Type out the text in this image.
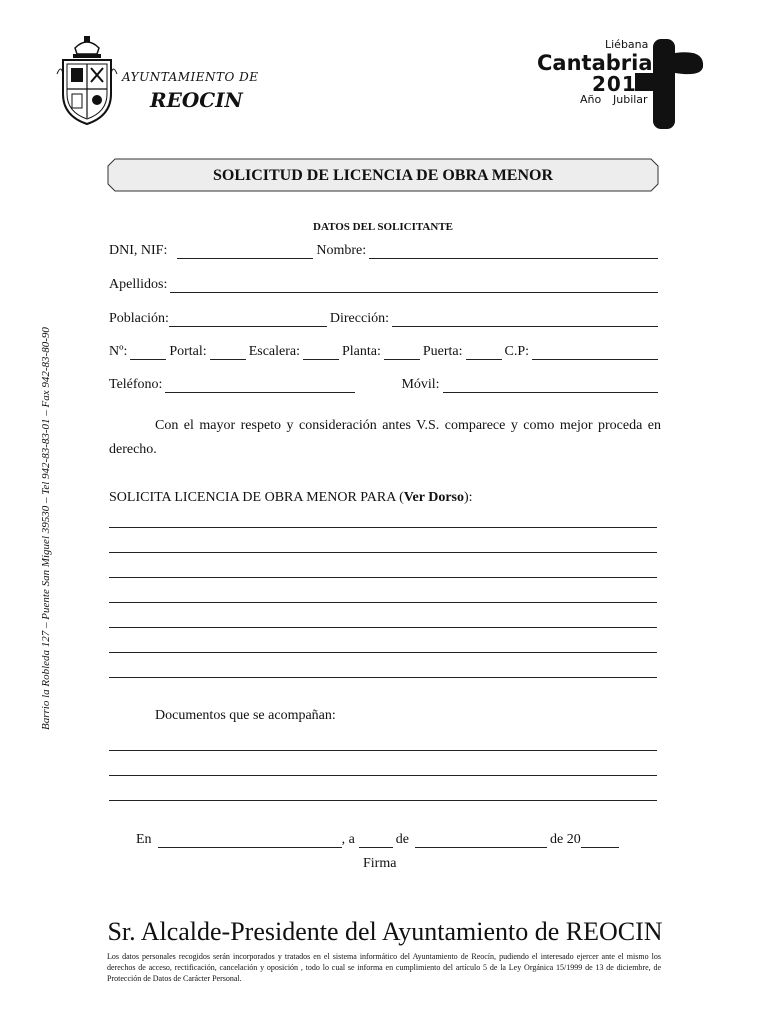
AYUNTAMIENTO DE
REOCIN
Liébana
Cantabria
2017
Año Jubilar
SOLICITUD DE LICENCIA DE OBRA MENOR
DATOS DEL SOLICITANTE
DNI, NIF:	Nombre:
Apellidos:
Población:	Dirección:
Nº:	Portal:	Escalera:	Planta:	Puerta:	C.P:
Teléfono:	Móvil:
Con el mayor respeto y consideración antes V.S. comparece y como mejor proceda en derecho.
SOLICITA LICENCIA DE OBRA MENOR PARA (Ver Dorso):
Documentos que se acompañan:
En	, a	de	de 20
Firma
Barrio la Robleda 127 – Puente San Miguel 39530 – Tel 942-83-83-01 – Fax 942-83-80-90
Sr. Alcalde-Presidente del Ayuntamiento de REOCIN
Los datos personales recogidos serán incorporados y tratados en el sistema informático del Ayuntamiento de Reocín, pudiendo el interesado ejercer ante el mismo los derechos de acceso, rectificación, cancelación y oposición , todo lo cual se informa en cumplimiento del artículo 5 de la Ley Orgánica 15/1999 de 13 de diciembre, de Protección de Datos de Carácter Personal.
